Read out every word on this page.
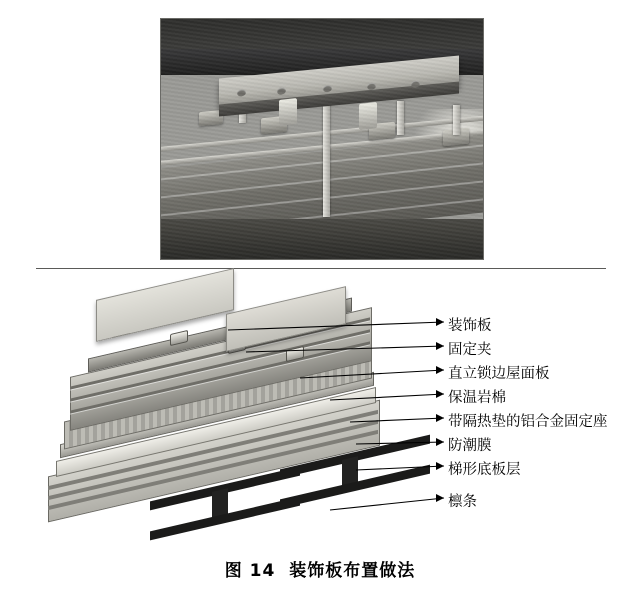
装饰板
固定夹
直立锁边屋面板
保温岩棉
带隔热垫的铝合金固定座
防潮膜
梯形底板层
檩条
图 14 装饰板布置做法
